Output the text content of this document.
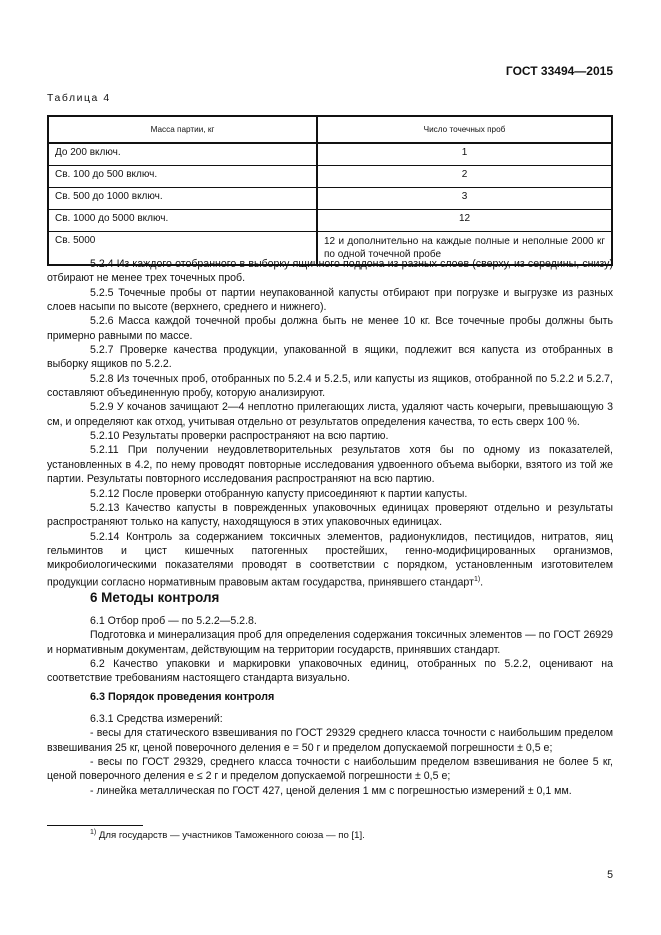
ГОСТ 33494—2015
Таблица 4
Масса партии, кг	Число точечных проб
До 200 включ.	1
Св. 100 до 500 включ.	2
Св. 500 до 1000 включ.	3
Св. 1000 до 5000 включ.	12
Св. 5000	12 и дополнительно на каждые полные и неполные 2000 кг по одной точечной пробе

5.2.4 Из каждого отобранного в выборку ящичного поддона из разных слоев (сверху, из середины, снизу) отбирают не менее трех точечных проб.

5.2.5 Точечные пробы от партии неупакованной капусты отбирают при погрузке и выгрузке из разных слоев насыпи по высоте (верхнего, среднего и нижнего).

5.2.6 Масса каждой точечной пробы должна быть не менее 10 кг. Все точечные пробы должны быть примерно равными по массе.

5.2.7 Проверке качества продукции, упакованной в ящики, подлежит вся капуста из отобранных в выборку ящиков по 5.2.2.

5.2.8 Из точечных проб, отобранных по 5.2.4 и 5.2.5, или капусты из ящиков, отобранной по 5.2.2 и 5.2.7, составляют объединенную пробу, которую анализируют.

5.2.9 У кочанов зачищают 2—4 неплотно прилегающих листа, удаляют часть кочерыги, превышающую 3 см, и определяют как отход, учитывая отдельно от результатов определения качества, то есть сверх 100 %.

5.2.10 Результаты проверки распространяют на всю партию.

5.2.11 При получении неудовлетворительных результатов хотя бы по одному из показателей, установленных в 4.2, по нему проводят повторные исследования удвоенного объема выборки, взятого из той же партии. Результаты повторного исследования распространяют на всю партию.

5.2.12 После проверки отобранную капусту присоединяют к партии капусты.

5.2.13 Качество капусты в поврежденных упаковочных единицах проверяют отдельно и результаты распространяют только на капусту, находящуюся в этих упаковочных единицах.

5.2.14 Контроль за содержанием токсичных элементов, радионуклидов, пестицидов, нитратов, яиц гельминтов и цист кишечных патогенных простейших, генно-модифицированных организмов, микробиологическими показателями проводят в соответствии с порядком, установленным изготовителем продукции согласно нормативным правовым актам государства, принявшего стандарт$^{1)}$.

6 Методы контроля

6.1 Отбор проб — по 5.2.2—5.2.8.

Подготовка и минерализация проб для определения содержания токсичных элементов — по ГОСТ 26929 и нормативным документам, действующим на территории государств, принявших стандарт.

6.2 Качество упаковки и маркировки упаковочных единиц, отобранных по 5.2.2, оценивают на соответствие требованиям настоящего стандарта визуально.

6.3 Порядок проведения контроля

6.3.1 Средства измерений:

- весы для статического взвешивания по ГОСТ 29329 среднего класса точности с наибольшим пределом взвешивания 25 кг, ценой поверочного деления e = 50 г и пределом допускаемой погрешности ± 0,5 e;

- весы по ГОСТ 29329, среднего класса точности с наибольшим пределом взвешивания не более 5 кг, ценой поверочного деления e ≤ 2 г и пределом допускаемой погрешности ± 0,5 e;

- линейка металлическая по ГОСТ 427, ценой деления 1 мм с погрешностью измерений ± 0,1 мм.

$^{1)}$ Для государств — участников Таможенного союза — по [1].
5
